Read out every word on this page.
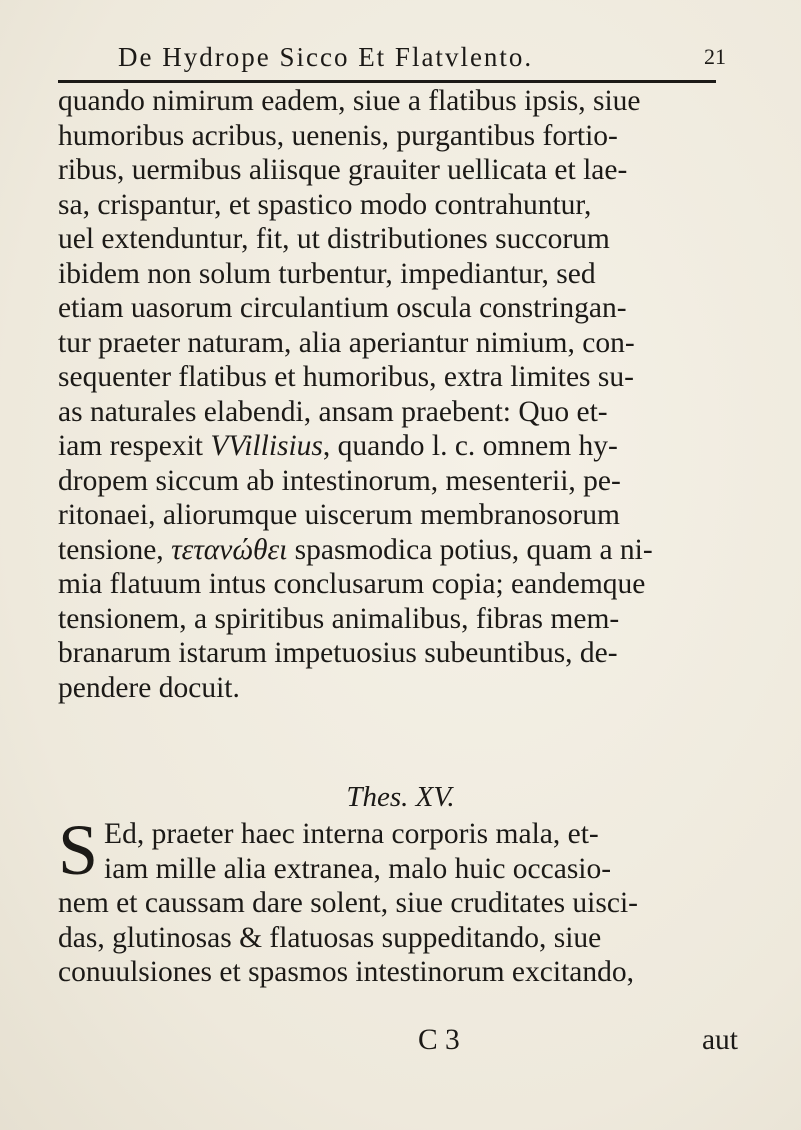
De Hydrope Sicco Et Flatvlento.	21
quando nimirum eadem, siue a flatibus ipsis, siue
humoribus acribus, uenenis, purgantibus fortio-
ribus, uermibus aliisque grauiter uellicata et lae-
sa, crispantur, et spastico modo contrahuntur,
uel extenduntur, fit, ut distributiones succorum
ibidem non solum turbentur, impediantur, sed
etiam uasorum circulantium oscula constringan-
tur praeter naturam, alia aperiantur nimium, con-
sequenter flatibus et humoribus, extra limites su-
as naturales elabendi, ansam praebent: Quo et-
iam respexit VVillisius, quando l. c. omnem hy-
dropem siccum ab intestinorum, mesenterii, pe-
ritonaei, aliorumque uiscerum membranosorum
tensione, τετανώθει spasmodica potius, quam a ni-
mia flatuum intus conclusarum copia; eandemque
tensionem, a spiritibus animalibus, fibras mem-
branarum istarum impetuosius subeuntibus, de-
pendere docuit.
Thes. XV.
S Ed, praeter haec interna corporis mala, et-
iam mille alia extranea, malo huic occasio-
nem et caussam dare solent, siue cruditates uisci-
das, glutinosas & flatuosas suppeditando, siue
conuulsiones et spasmos intestinorum excitando,
C 3	aut
